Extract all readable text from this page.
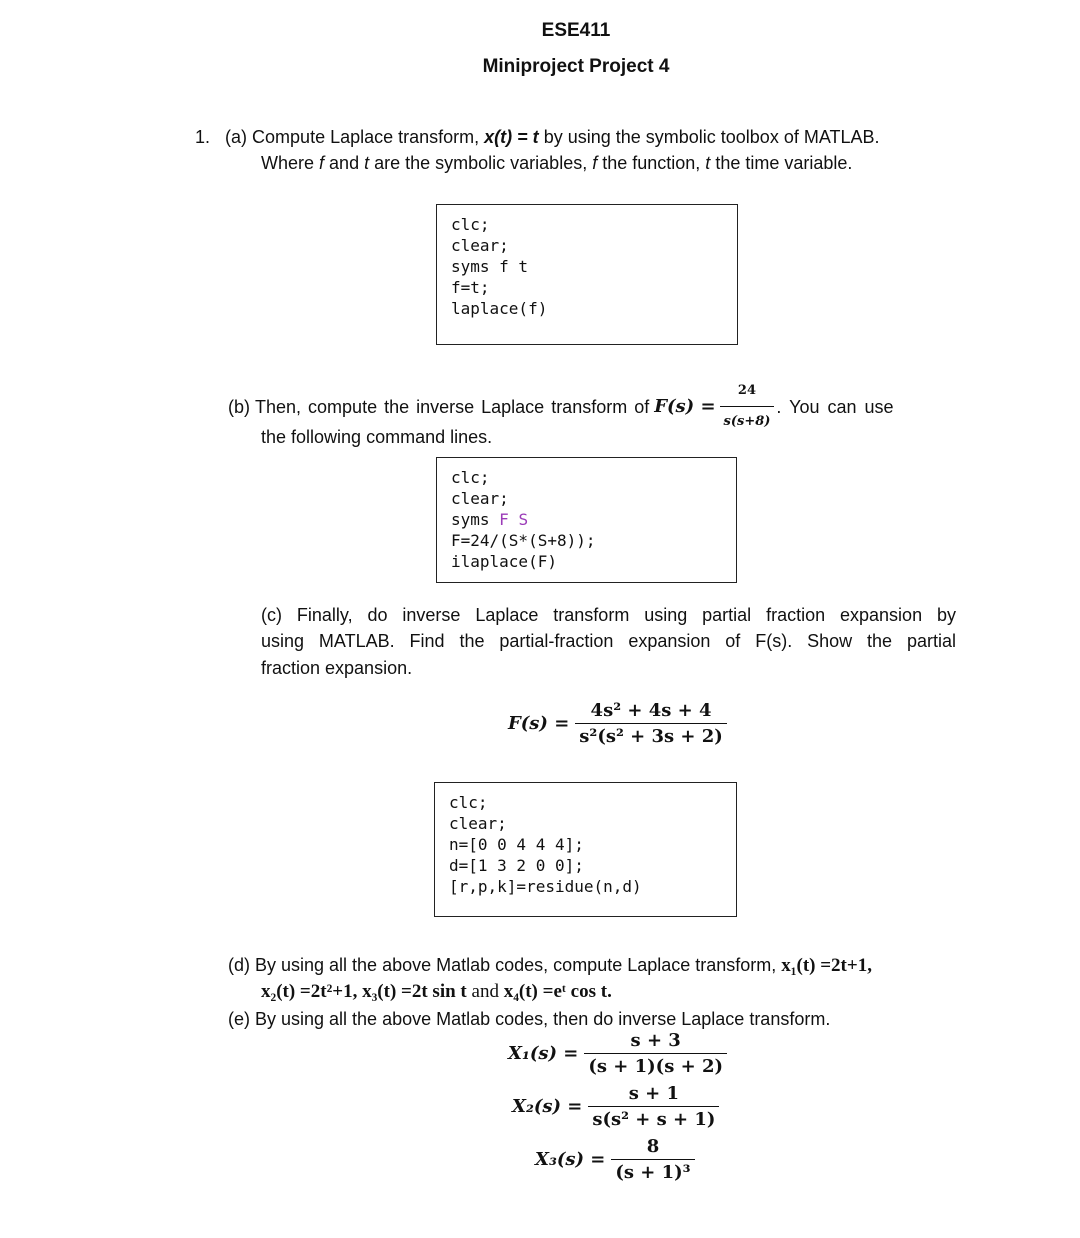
ESE411
Miniproject Project 4
1. (a) Compute Laplace transform, x(t) = t by using the symbolic toolbox of MATLAB.
Where f and t are the symbolic variables, f the function, t the time variable.
clc;
clear;
syms f t
f=t;
laplace(f)
(b)
Then, compute the inverse Laplace transform of
$F(s) = \frac{24}{s(s+8)}$ . You can use
the following command lines.
clc;
clear;
syms F S
F=24/(S*(S+8));
ilaplace(F)
(c) Finally, do inverse Laplace transform using partial fraction expansion by
using MATLAB. Find the partial-fraction expansion of F(s). Show the partial
fraction expansion.
$F(s) = \frac{\text{4s² + 4s + 4}}{\text{s²(s² + 3s + 2)}}$
clc;
clear;
n=[0 0 4 4 4];
d=[1 3 2 0 0];
[r,p,k]=residue(n,d)
(d) By using all the above Matlab codes, compute Laplace transform, x₁(t) =2t+1,
x₂(t) =2t²+1, x₃(t) =2t sin t and x₄(t) =eᵗ cos t.
(e) By using all the above Matlab codes, then do inverse Laplace transform.
$X_1(s) = \frac{s + 3}{(s + 1)(s + 2)}$
$X_2(s) = \frac{s + 1}{\text{s(s² + s + 1)}}$
$X_3(s) = \frac{8}{\text{(s + 1)³}}$
